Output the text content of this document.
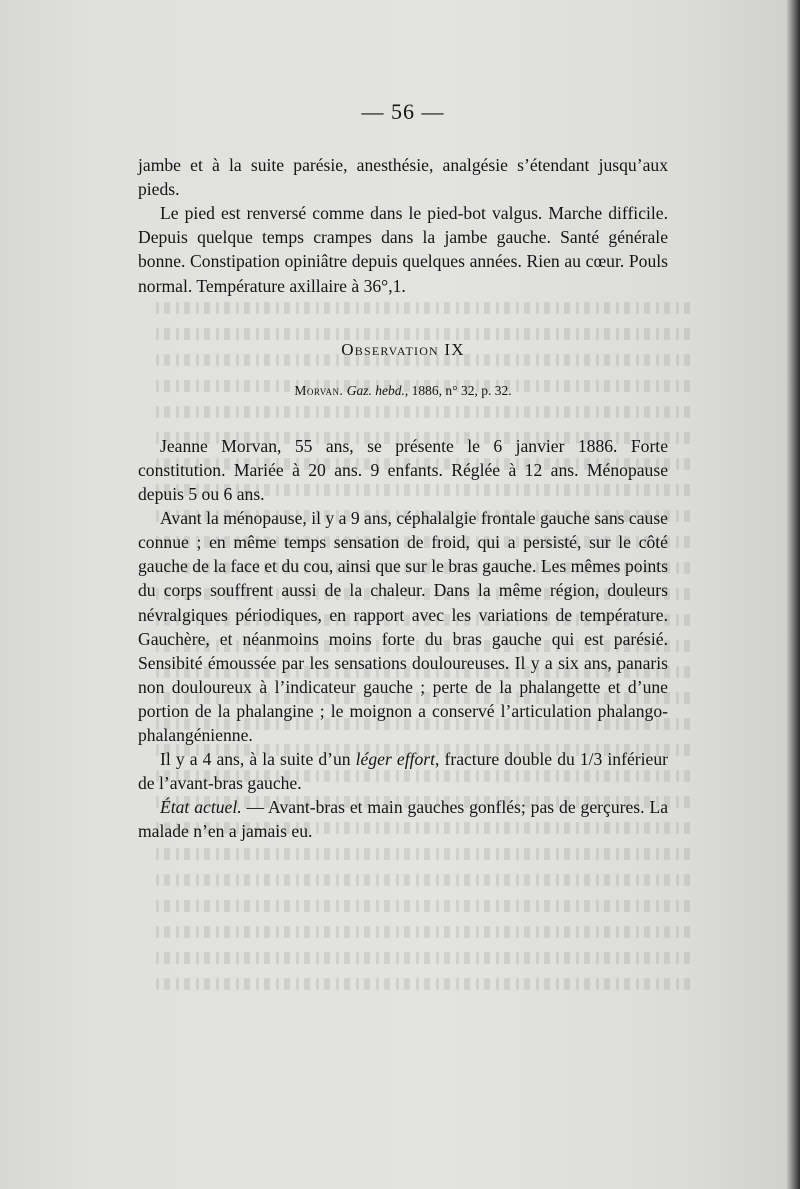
— 56 —

jambe et à la suite parésie, anesthésie, analgésie s’étendant jusqu’aux pieds.

Le pied est renversé comme dans le pied-bot valgus. Marche difficile. Depuis quelque temps crampes dans la jambe gauche. Santé générale bonne. Constipation opiniâtre depuis quelques années. Rien au cœur. Pouls normal. Température axillaire à 36°,1.

Observation IX
Morvan. Gaz. hebd., 1886, n° 32, p. 32.

Jeanne Morvan, 55 ans, se présente le 6 janvier 1886. Forte constitution. Mariée à 20 ans. 9 enfants. Réglée à 12 ans. Ménopause depuis 5 ou 6 ans.

Avant la ménopause, il y a 9 ans, céphalalgie frontale gauche sans cause connue ; en même temps sensation de froid, qui a persisté, sur le côté gauche de la face et du cou, ainsi que sur le bras gauche. Les mêmes points du corps souffrent aussi de la chaleur. Dans la même région, douleurs névralgiques périodiques, en rapport avec les variations de température. Gauchère, et néanmoins moins forte du bras gauche qui est parésié. Sensibité émoussée par les sensations douloureuses. Il y a six ans, panaris non douloureux à l’indicateur gauche ; perte de la phalangette et d’une portion de la phalangine ; le moignon a conservé l’articulation phalango-phalangénienne.

Il y a 4 ans, à la suite d’un léger effort, fracture double du 1/3 inférieur de l’avant-bras gauche.

État actuel. — Avant-bras et main gauches gonflés; pas de gerçures. La malade n’en a jamais eu.
